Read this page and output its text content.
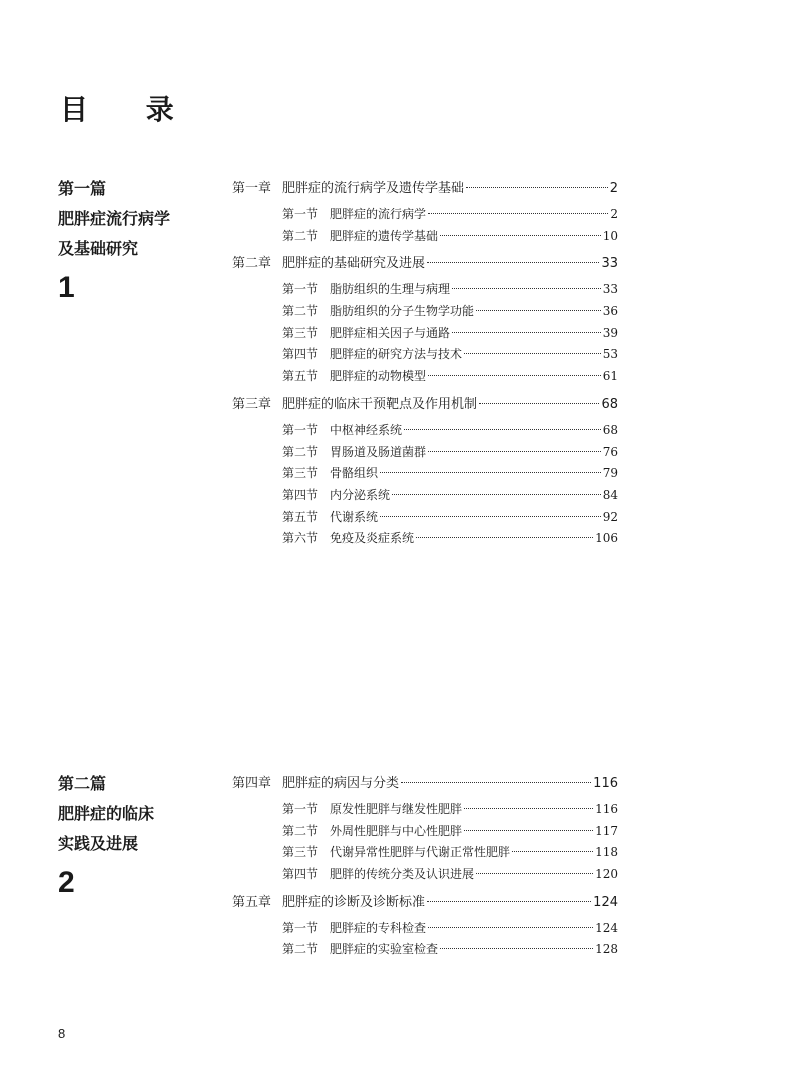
目 录
第一篇
肥胖症流行病学
及基础研究
1
第一章 肥胖症的流行病学及遗传学基础	2
第一节 肥胖症的流行病学	2
第二节 肥胖症的遗传学基础	10
第二章 肥胖症的基础研究及进展	33
第一节 脂肪组织的生理与病理	33
第二节 脂肪组织的分子生物学功能	36
第三节 肥胖症相关因子与通路	39
第四节 肥胖症的研究方法与技术	53
第五节 肥胖症的动物模型	61
第三章 肥胖症的临床干预靶点及作用机制	68
第一节 中枢神经系统	68
第二节 胃肠道及肠道菌群	76
第三节 骨骼组织	79
第四节 内分泌系统	84
第五节 代谢系统	92
第六节 免疫及炎症系统	106
第二篇
肥胖症的临床
实践及进展
2
第四章 肥胖症的病因与分类	116
第一节 原发性肥胖与继发性肥胖	116
第二节 外周性肥胖与中心性肥胖	117
第三节 代谢异常性肥胖与代谢正常性肥胖	118
第四节 肥胖的传统分类及认识进展	120
第五章 肥胖症的诊断及诊断标准	124
第一节 肥胖症的专科检查	124
第二节 肥胖症的实验室检查	128
8
